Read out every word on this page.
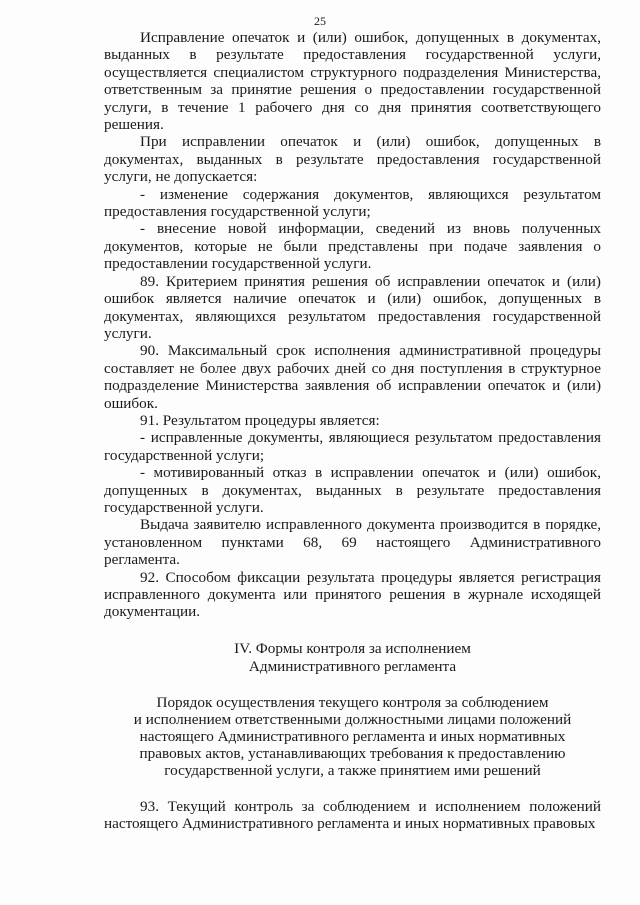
25

Исправление опечаток и (или) ошибок, допущенных в документах, выданных в результате предоставления государственной услуги, осуществляется специалистом структурного подразделения Министерства, ответственным за принятие решения о предоставлении государственной услуги, в течение 1 рабочего дня со дня принятия соответствующего решения.

При исправлении опечаток и (или) ошибок, допущенных в документах, выданных в результате предоставления государственной услуги, не допускается:

- изменение содержания документов, являющихся результатом предоставления государственной услуги;

- внесение новой информации, сведений из вновь полученных документов, которые не были представлены при подаче заявления о предоставлении государственной услуги.

89. Критерием принятия решения об исправлении опечаток и (или) ошибок является наличие опечаток и (или) ошибок, допущенных в документах, являющихся результатом предоставления государственной услуги.

90. Максимальный срок исполнения административной процедуры составляет не более двух рабочих дней со дня поступления в структурное подразделение Министерства заявления об исправлении опечаток и (или) ошибок.

91. Результатом процедуры является:

- исправленные документы, являющиеся результатом предоставления государственной услуги;

- мотивированный отказ в исправлении опечаток и (или) ошибок, допущенных в документах, выданных в результате предоставления государственной услуги.

Выдача заявителю исправленного документа производится в порядке, установленном пунктами 68, 69 настоящего Административного регламента.

92. Способом фиксации результата процедуры является регистрация исправленного документа или принятого решения в журнале исходящей документации.

IV. Формы контроля за исполнением
Административного регламента
Порядок осуществления текущего контроля за соблюдением
и исполнением ответственными должностными лицами положений
настоящего Административного регламента и иных нормативных
правовых актов, устанавливающих требования к предоставлению
государственной услуги, а также принятием ими решений

93. Текущий контроль за соблюдением и исполнением положений настоящего Административного регламента и иных нормативных правовых
